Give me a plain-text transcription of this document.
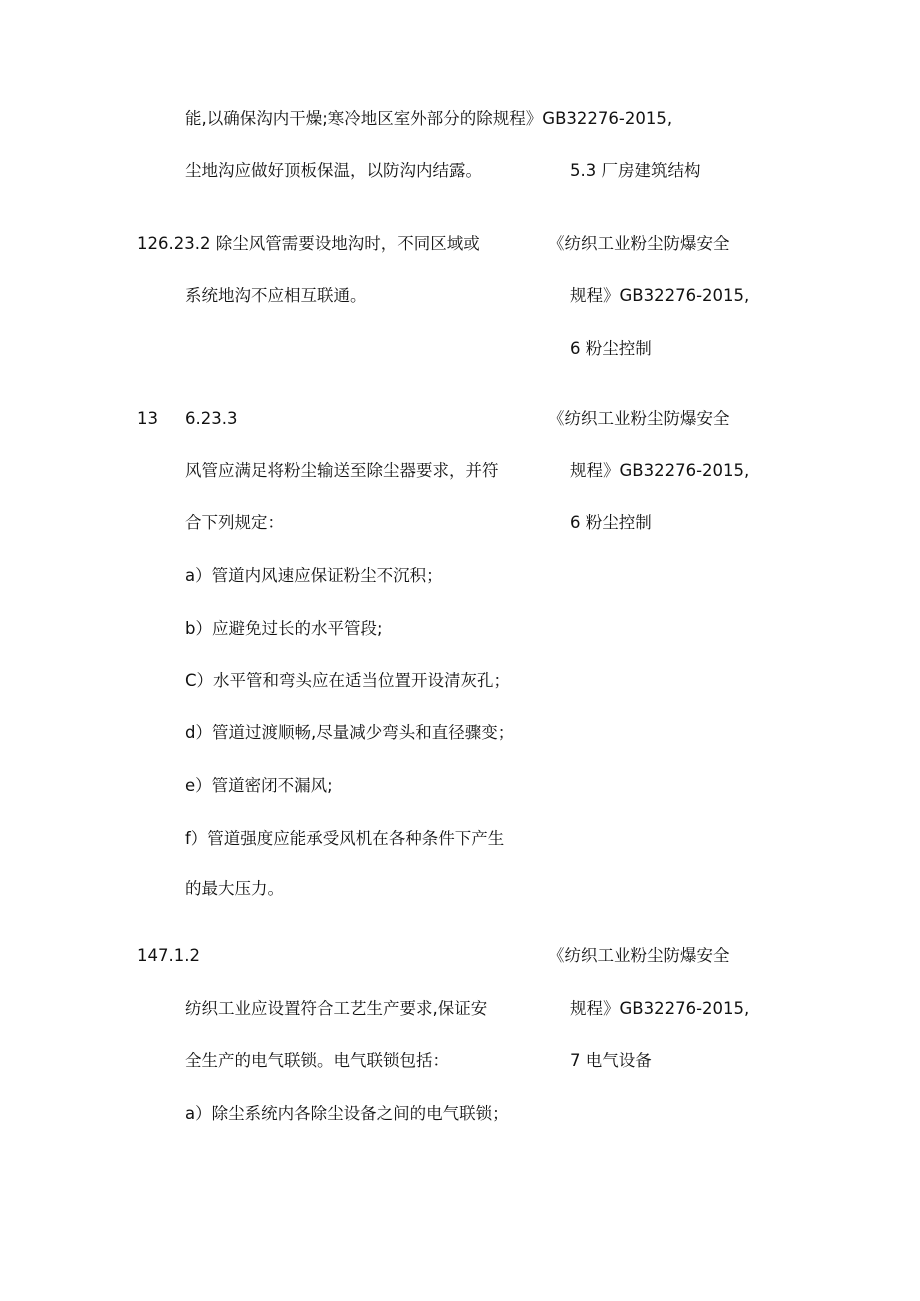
能,以确保沟内干燥;寒冷地区室外部分的除规程》GB32276-2015,
尘地沟应做好顶板保温，以防沟内结露。	5.3 厂房建筑结构
126.23.2 除尘风管需要设地沟时，不同区域或	《纺织工业粉尘防爆安全
系统地沟不应相互联通。	规程》GB32276-2015,
6 粉尘控制
13 6.23.3	《纺织工业粉尘防爆安全
风管应满足将粉尘输送至除尘器要求，并符	规程》GB32276-2015,
合下列规定：	6 粉尘控制
a）管道内风速应保证粉尘不沉积；
b）应避免过长的水平管段;
C）水平管和弯头应在适当位置开设清灰孔；
d）管道过渡顺畅,尽量减少弯头和直径骤变；
e）管道密闭不漏风;
f）管道强度应能承受风机在各种条件下产生
的最大压力。
147.1.2	《纺织工业粉尘防爆安全
纺织工业应设置符合工艺生产要求,保证安	规程》GB32276-2015,
全生产的电气联锁。电气联锁包括：	7 电气设备
a）除尘系统内各除尘设备之间的电气联锁；
